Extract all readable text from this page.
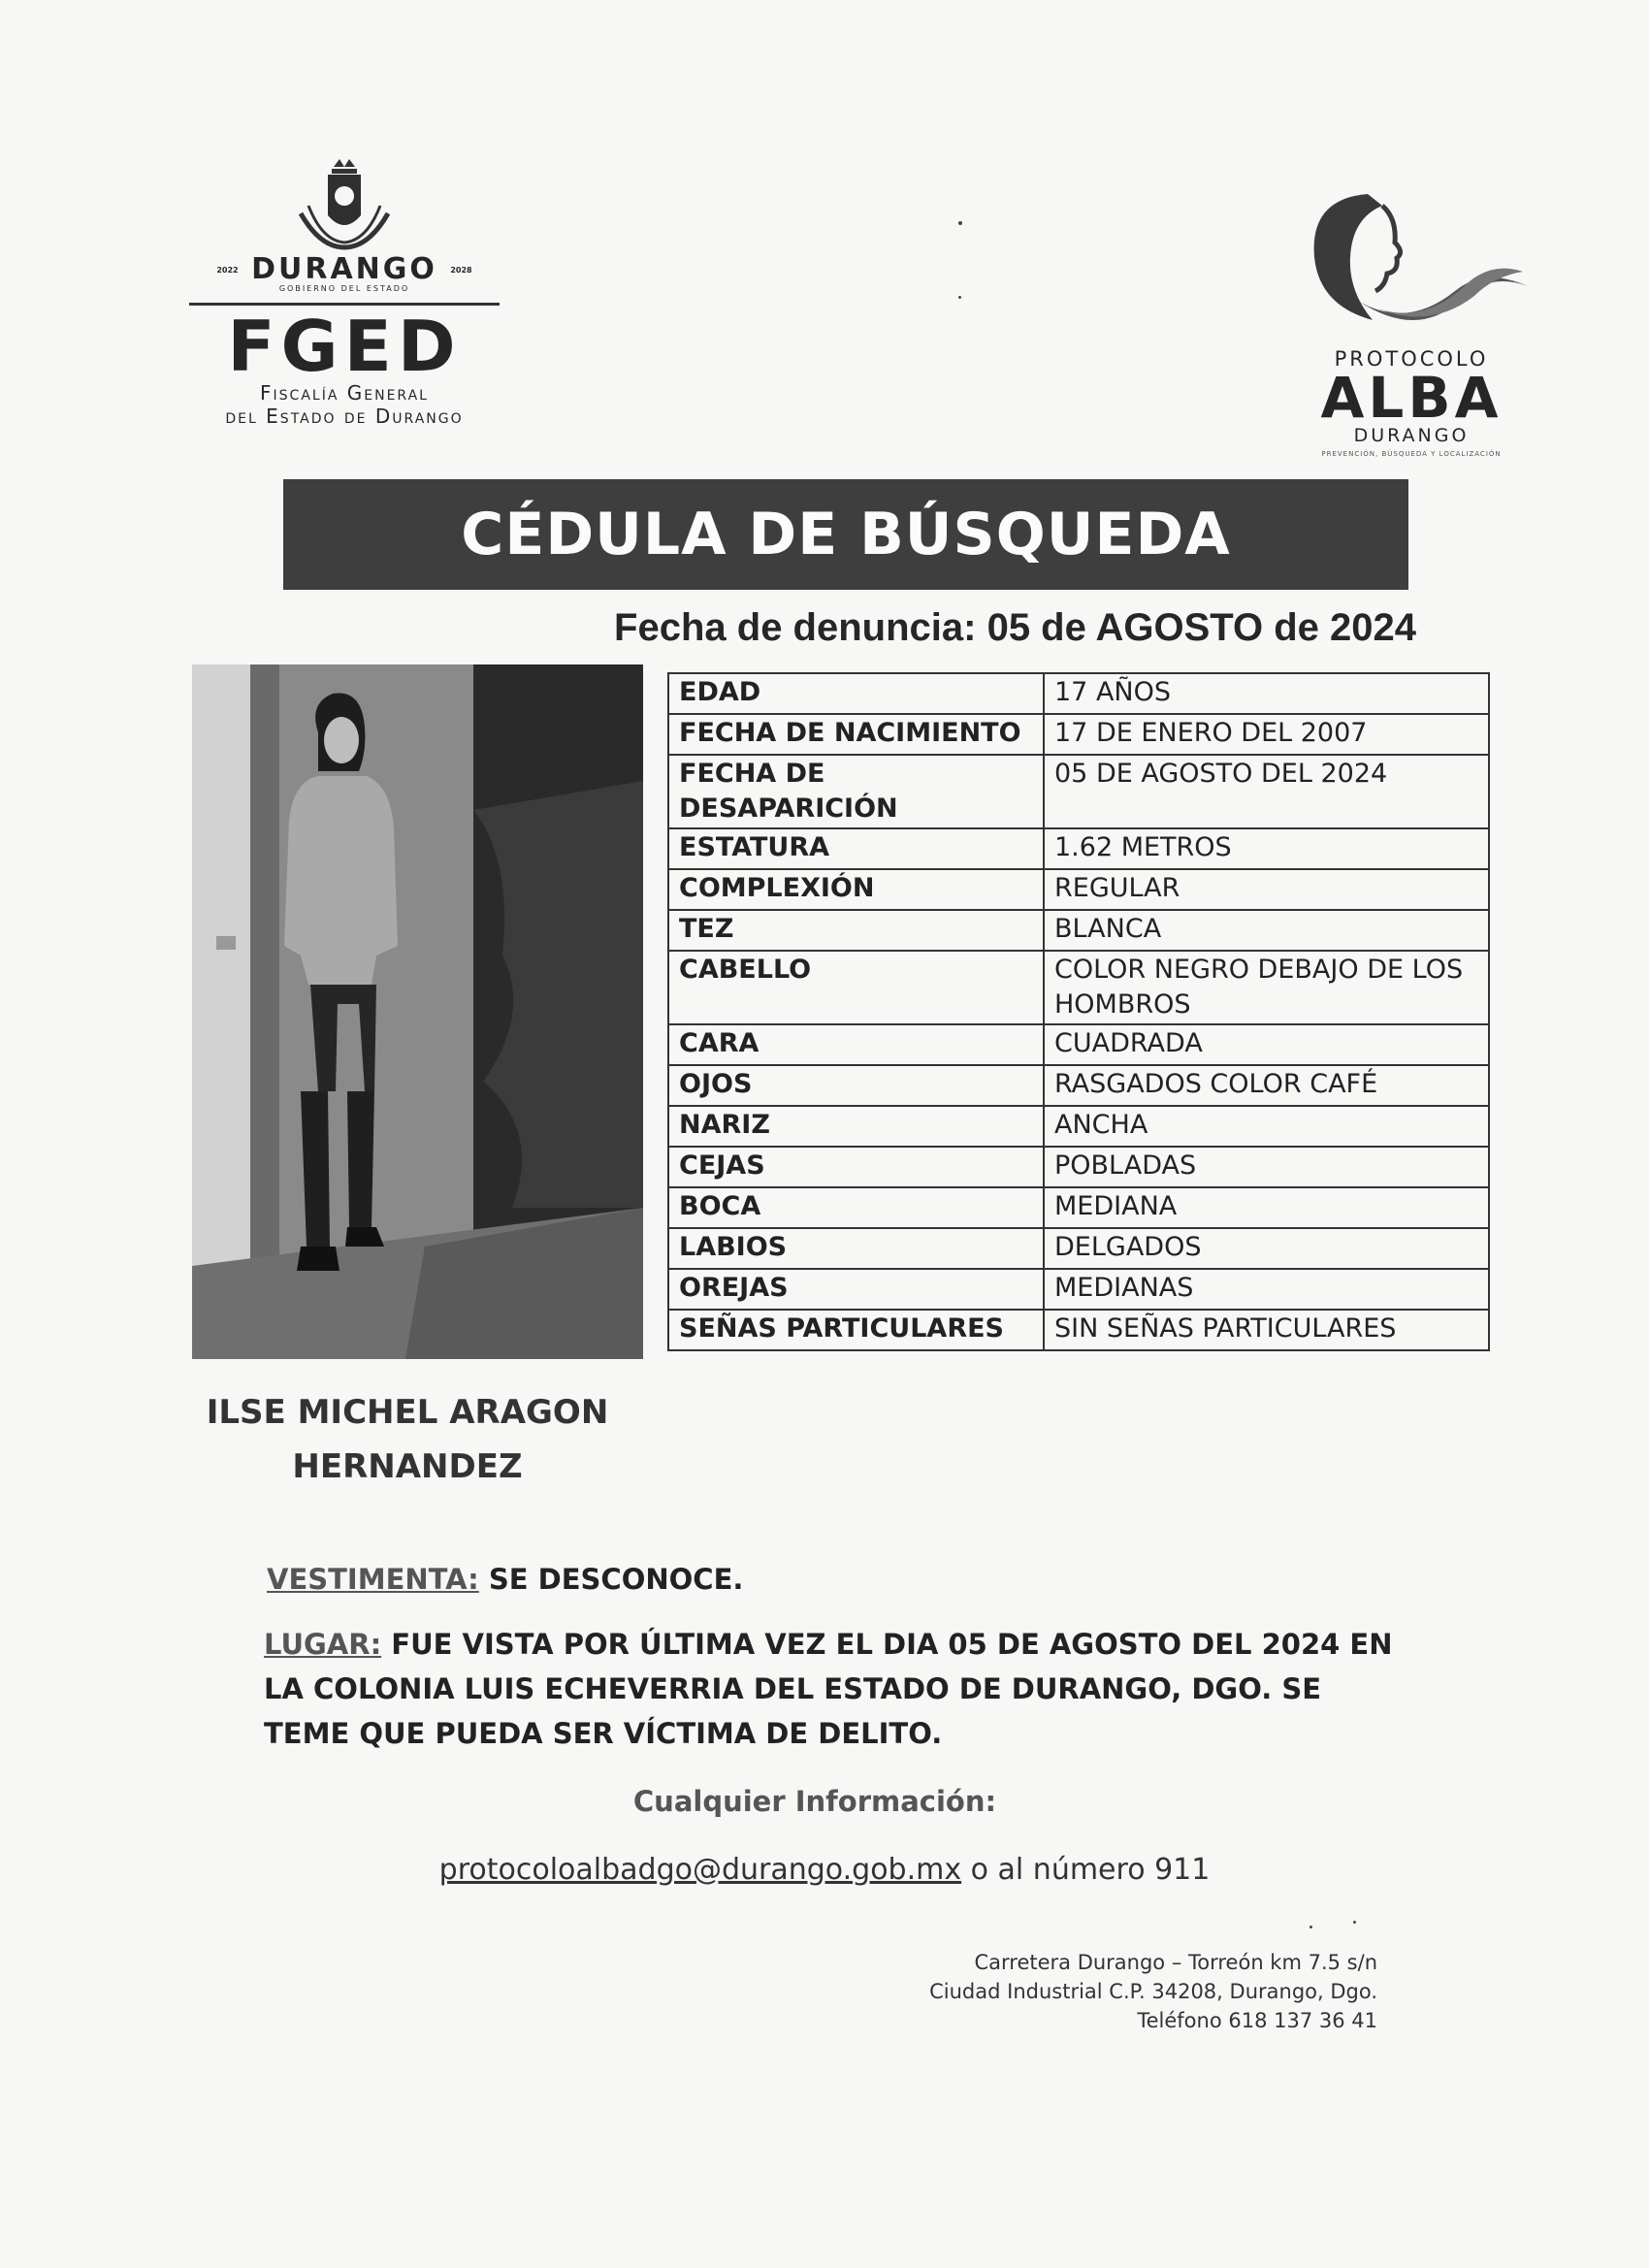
2022 DURANGO 2028
GOBIERNO DEL ESTADO
FGED
Fiscalía General
del Estado de Durango
PROTOCOLO
ALBA
DURANGO
PREVENCIÓN, BÚSQUEDA Y LOCALIZACIÓN
CÉDULA DE BÚSQUEDA
Fecha de denuncia: 05 de AGOSTO de 2024
EDAD	17 AÑOS
FECHA DE NACIMIENTO	17 DE ENERO DEL 2007
FECHA DE DESAPARICIÓN	05 DE AGOSTO DEL 2024
ESTATURA	1.62 METROS
COMPLEXIÓN	REGULAR
TEZ	BLANCA
CABELLO	COLOR NEGRO DEBAJO DE LOS HOMBROS
CARA	CUADRADA
OJOS	RASGADOS COLOR CAFÉ
NARIZ	ANCHA
CEJAS	POBLADAS
BOCA	MEDIANA
LABIOS	DELGADOS
OREJAS	MEDIANAS
SEÑAS PARTICULARES	SIN SEÑAS PARTICULARES
ILSE MICHEL ARAGON
HERNANDEZ
VESTIMENTA: SE DESCONOCE.
LUGAR: FUE VISTA POR ÚLTIMA VEZ EL DIA 05 DE AGOSTO DEL 2024 EN LA COLONIA LUIS ECHEVERRIA DEL ESTADO DE DURANGO, DGO. SE TEME QUE PUEDA SER VÍCTIMA DE DELITO.
Cualquier Información:
protocoloalbadgo@durango.gob.mx o al número 911
Carretera Durango – Torreón km 7.5 s/n
Ciudad Industrial C.P. 34208, Durango, Dgo.
Teléfono 618 137 36 41
